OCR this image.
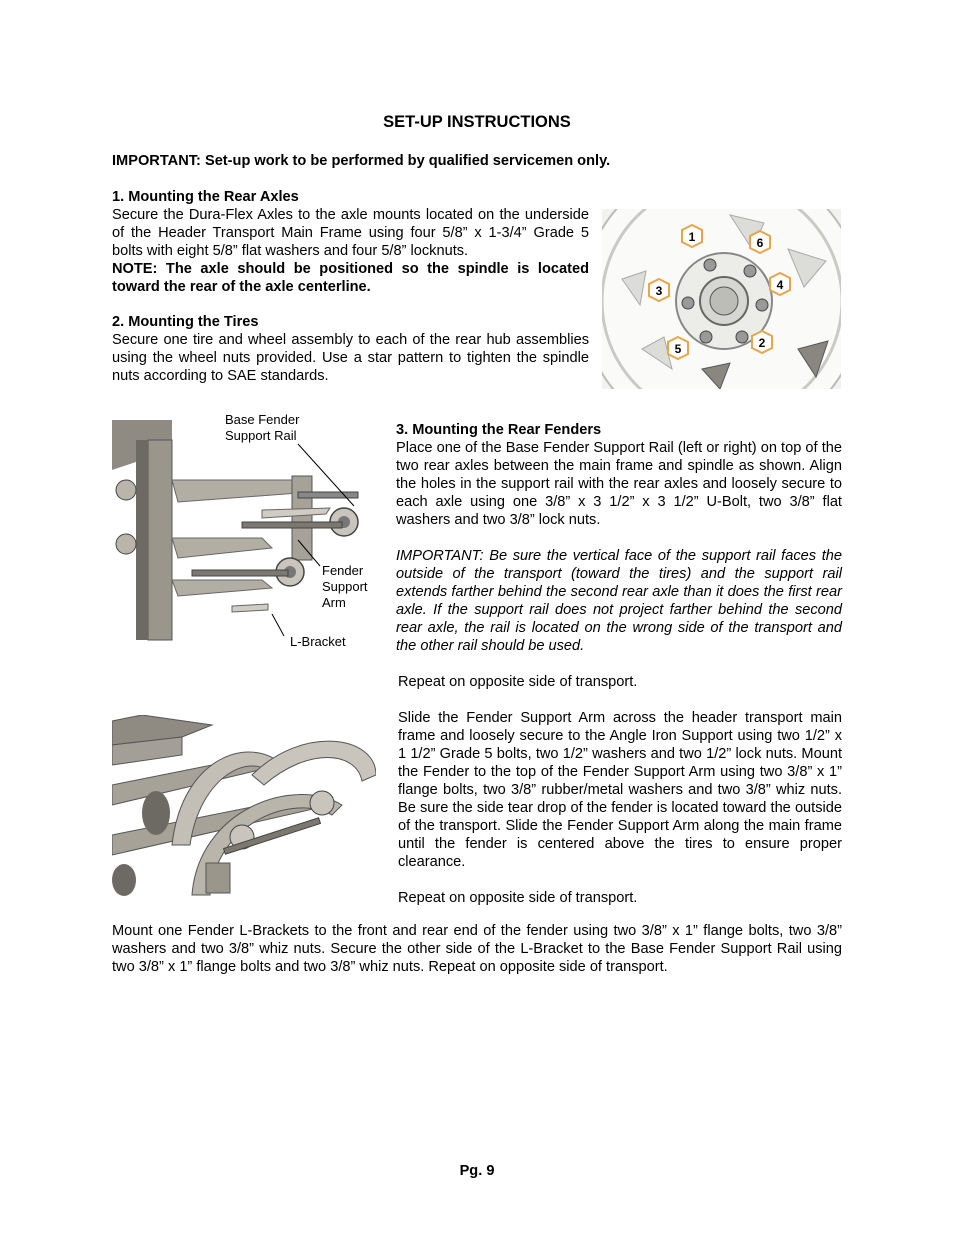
SET-UP INSTRUCTIONS
IMPORTANT: Set-up work to be performed by qualified servicemen only.
1. Mounting the Rear Axles

Secure the Dura-Flex Axles to the axle mounts located on the underside of the Header Transport Main Frame using four 5/8” x 1-3/4” Grade 5 bolts with eight 5/8” flat washers and four 5/8” locknuts.

NOTE: The axle should be positioned so the spindle is located toward the rear of the axle centerline.

2. Mounting the Tires

Secure one tire and wheel assembly to each of the rear hub assemblies using the wheel nuts provided. Use a star pattern to tighten the spindle nuts according to SAE standards.

1	6
3	4
5	2
Base Fender
Support Rail
Fender
Support
Arm
L-Bracket
3. Mounting the Rear Fenders

Place one of the Base Fender Support Rail (left or right) on top of the two rear axles between the main frame and spindle as shown. Align the holes in the support rail with the rear axles and loosely secure to each axle using one 3/8” x 3 1/2” x 3 1/2” U-Bolt, two 3/8” flat washers and two 3/8” lock nuts.

IMPORTANT: Be sure the vertical face of the support rail faces the outside of the transport (toward the tires) and the support rail extends farther behind the second rear axle than it does the first rear axle. If the support rail does not project farther behind the second rear axle, the rail is located on the wrong side of the transport and the other rail should be used.

Repeat on opposite side of transport.

Slide the Fender Support Arm across the header transport main frame and loosely secure to the Angle Iron Support using two 1/2” x 1 1/2” Grade 5 bolts, two 1/2” washers and two 1/2” lock nuts. Mount the Fender to the top of the Fender Support Arm using two 3/8” x 1” flange bolts, two 3/8” rubber/metal washers and two 3/8” whiz nuts. Be sure the side tear drop of the fender is located toward the outside of the transport. Slide the Fender Support Arm along the main frame until the fender is centered above the tires to ensure proper clearance.

Repeat on opposite side of transport.

Mount one Fender L-Brackets to the front and rear end of the fender using two 3/8” x 1” flange bolts, two 3/8” washers and two 3/8” whiz nuts. Secure the other side of the L-Bracket to the Base Fender Support Rail using two 3/8” x 1” flange bolts and two 3/8” whiz nuts. Repeat on opposite side of transport.
Pg. 9
